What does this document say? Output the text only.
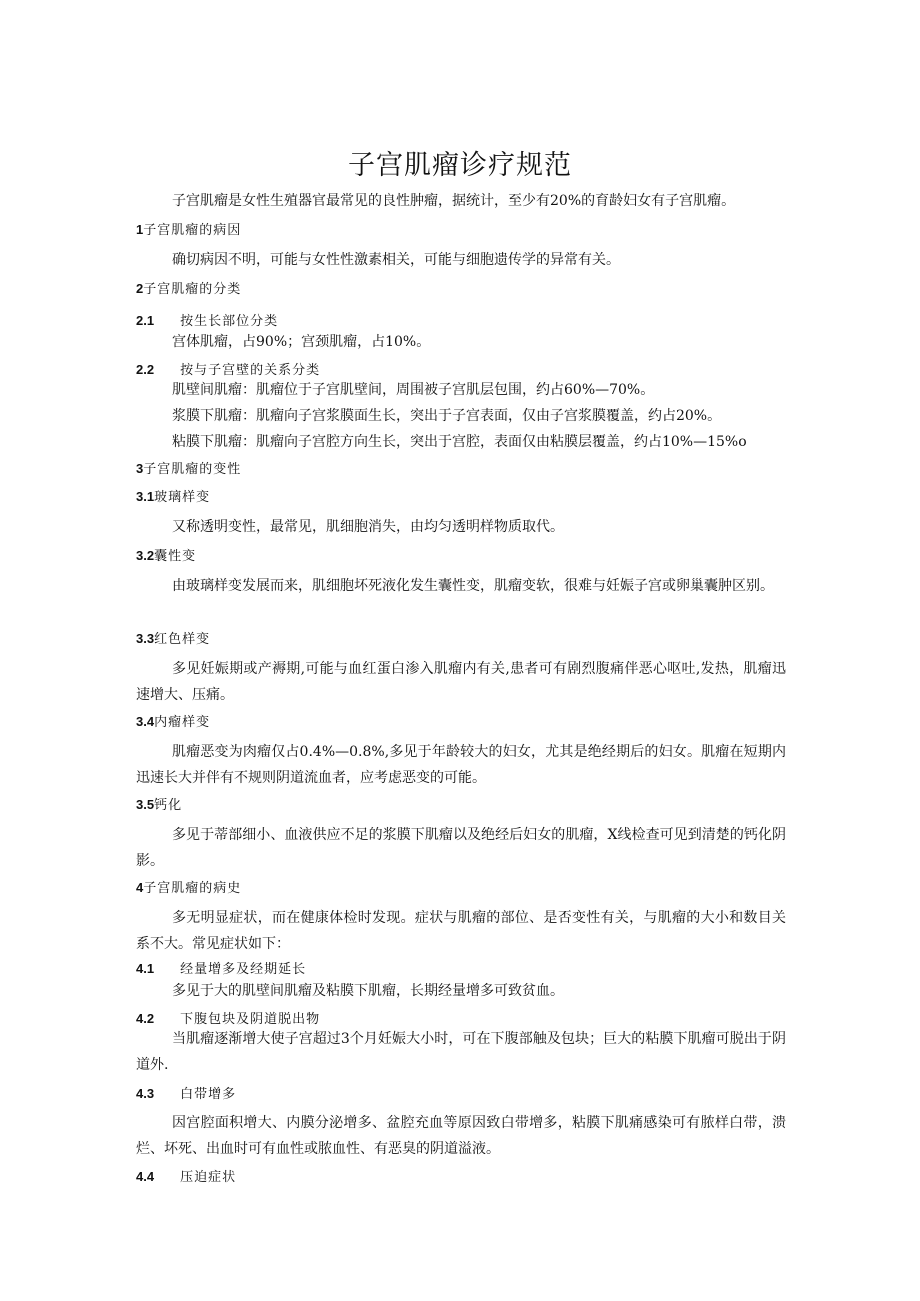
子宫肌瘤诊疗规范

子宫肌瘤是女性生殖器官最常见的良性肿瘤，据统计，至少有20%的育龄妇女有子宫肌瘤。

1子宫肌瘤的病因

确切病因不明，可能与女性性激素相关，可能与细胞遗传学的异常有关。

2子宫肌瘤的分类
2.1 按生长部位分类

宫体肌瘤，占90%；宫颈肌瘤，占10%。

2.2 按与子宫壁的关系分类

肌壁间肌瘤：肌瘤位于子宫肌壁间，周围被子宫肌层包围，约占60%—70%。

浆膜下肌瘤：肌瘤向子宫浆膜面生长，突出于子宫表面，仅由子宫浆膜覆盖，约占20%。

粘膜下肌瘤：肌瘤向子宫腔方向生长，突出于宫腔，表面仅由粘膜层覆盖，约占10%—15%o

3子宫肌瘤的变性
3.1玻璃样变

又称透明变性，最常见，肌细胞消失，由均匀透明样物质取代。

3.2囊性变

由玻璃样变发展而来，肌细胞坏死液化发生囊性变，肌瘤变软，很难与妊娠子宫或卵巢囊肿区别。

3.3红色样变

多见妊娠期或产褥期,可能与血红蛋白渗入肌瘤内有关,患者可有剧烈腹痛伴恶心呕吐,发热，肌瘤迅速增大、压痛。

3.4内瘤样变

肌瘤恶变为肉瘤仅占0.4%—0.8%,多见于年龄较大的妇女，尤其是绝经期后的妇女。肌瘤在短期内迅速长大并伴有不规则阴道流血者，应考虑恶变的可能。

3.5钙化

多见于蒂部细小、血液供应不足的浆膜下肌瘤以及绝经后妇女的肌瘤，X线检查可见到清楚的钙化阴影。

4子宫肌瘤的病史

多无明显症状，而在健康体检时发现。症状与肌瘤的部位、是否变性有关，与肌瘤的大小和数目关系不大。常见症状如下：

4.1 经量增多及经期延长

多见于大的肌壁间肌瘤及粘膜下肌瘤，长期经量增多可致贫血。

4.2 下腹包块及阴道脱出物

当肌瘤逐渐增大使子宫超过3个月妊娠大小时，可在下腹部触及包块；巨大的粘膜下肌瘤可脱出于阴道外.

4.3 白带增多

因宫腔面积增大、内膜分泌增多、盆腔充血等原因致白带增多，粘膜下肌痛感染可有脓样白带，溃烂、坏死、出血时可有血性或脓血性、有恶臭的阴道溢液。

4.4 压迫症状
